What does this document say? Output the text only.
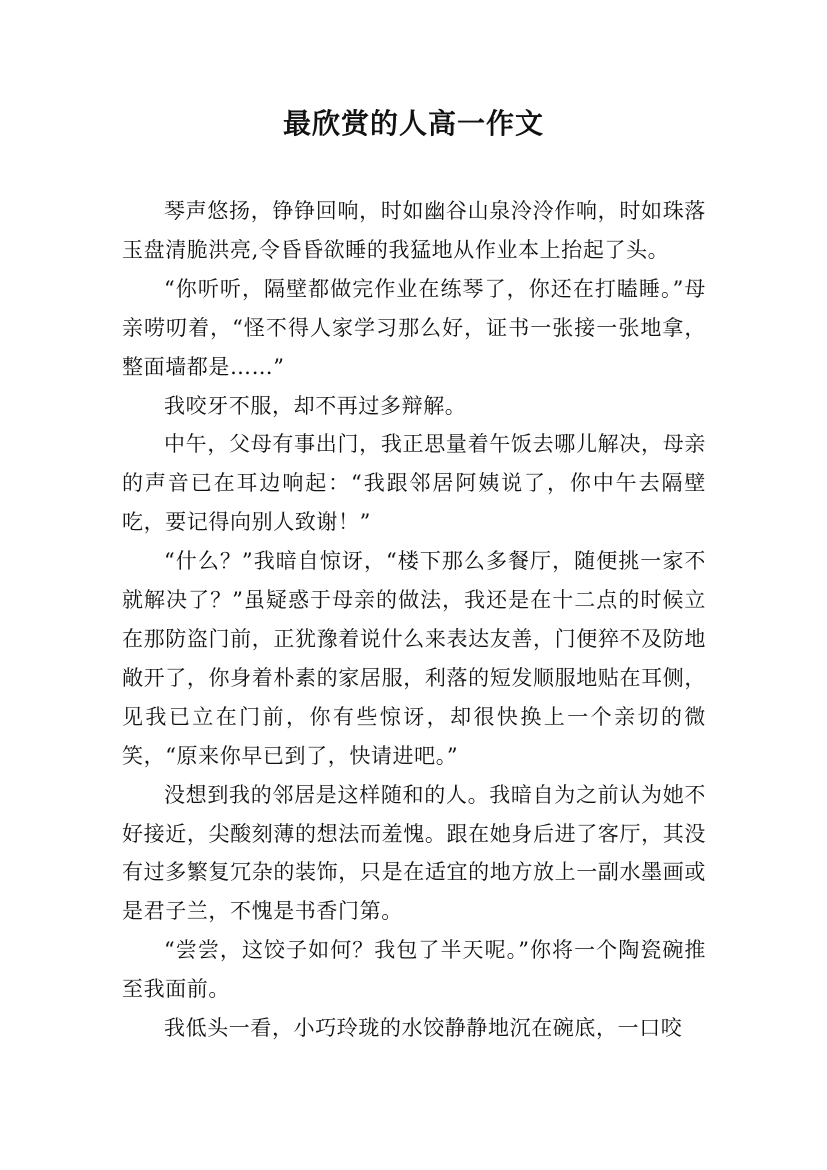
最欣赏的人高一作文

琴声悠扬，铮铮回响，时如幽谷山泉泠泠作响，时如珠落玉盘清脆洪亮,令昏昏欲睡的我猛地从作业本上抬起了头。

“你听听，隔壁都做完作业在练琴了，你还在打瞌睡。”母亲唠叨着，“怪不得人家学习那么好，证书一张接一张地拿，整面墙都是……”

我咬牙不服，却不再过多辩解。

中午，父母有事出门，我正思量着午饭去哪儿解决，母亲的声音已在耳边响起：“我跟邻居阿姨说了，你中午去隔壁吃，要记得向别人致谢！”

“什么？”我暗自惊讶，“楼下那么多餐厅，随便挑一家不就解决了？”虽疑惑于母亲的做法，我还是在十二点的时候立在那防盗门前，正犹豫着说什么来表达友善，门便猝不及防地敞开了，你身着朴素的家居服，利落的短发顺服地贴在耳侧，见我已立在门前，你有些惊讶，却很快换上一个亲切的微笑，“原来你早已到了，快请进吧。”

没想到我的邻居是这样随和的人。我暗自为之前认为她不好接近，尖酸刻薄的想法而羞愧。跟在她身后进了客厅，其没有过多繁复冗杂的装饰，只是在适宜的地方放上一副水墨画或是君子兰，不愧是书香门第。

“尝尝，这饺子如何？我包了半天呢。”你将一个陶瓷碗推至我面前。

我低头一看，小巧玲珑的水饺静静地沉在碗底，一口咬
